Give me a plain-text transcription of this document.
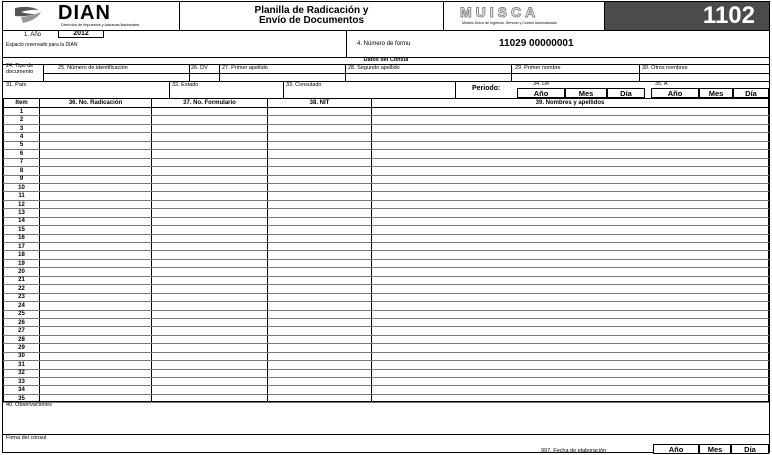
DIAN
Dirección de Impuestos y Aduanas Nacionales
Planilla de Radicación y
Envío de Documentos
MUISCA
Modelo Único de Ingresos, Servicio y Control Automatizado	1102
1. Año	2012
Espacio reservado para la DIAN	4. Número de formu	11029 00000001
Datos del Cónsul
24. Tipo de documento
25. Número de identificación	26. DV	27. Primer apellido	28. Segundo apellido	29. Primer nombre	30. Otros nombres
31. País	32. Estado	33. Consulado	Periodo:
34. De
Año	Mes	Día
35. A
Año	Mes	Día
Item	36. No. Radicación	37. No. Formulario	38. NIT	39. Nombres y apellidos
1				
2				
3				
4				
5				
6				
7				
8				
9				
10				
11				
12				
13				
14				
15				
16				
17				
18				
19				
20				
21				
22				
23				
24				
25				
26				
27				
28				
29				
30				
31				
32				
33				
34				
35				
40. Observaciones
Firma del cónsul
997. Fecha de elaboración	Año	Mes	Día
